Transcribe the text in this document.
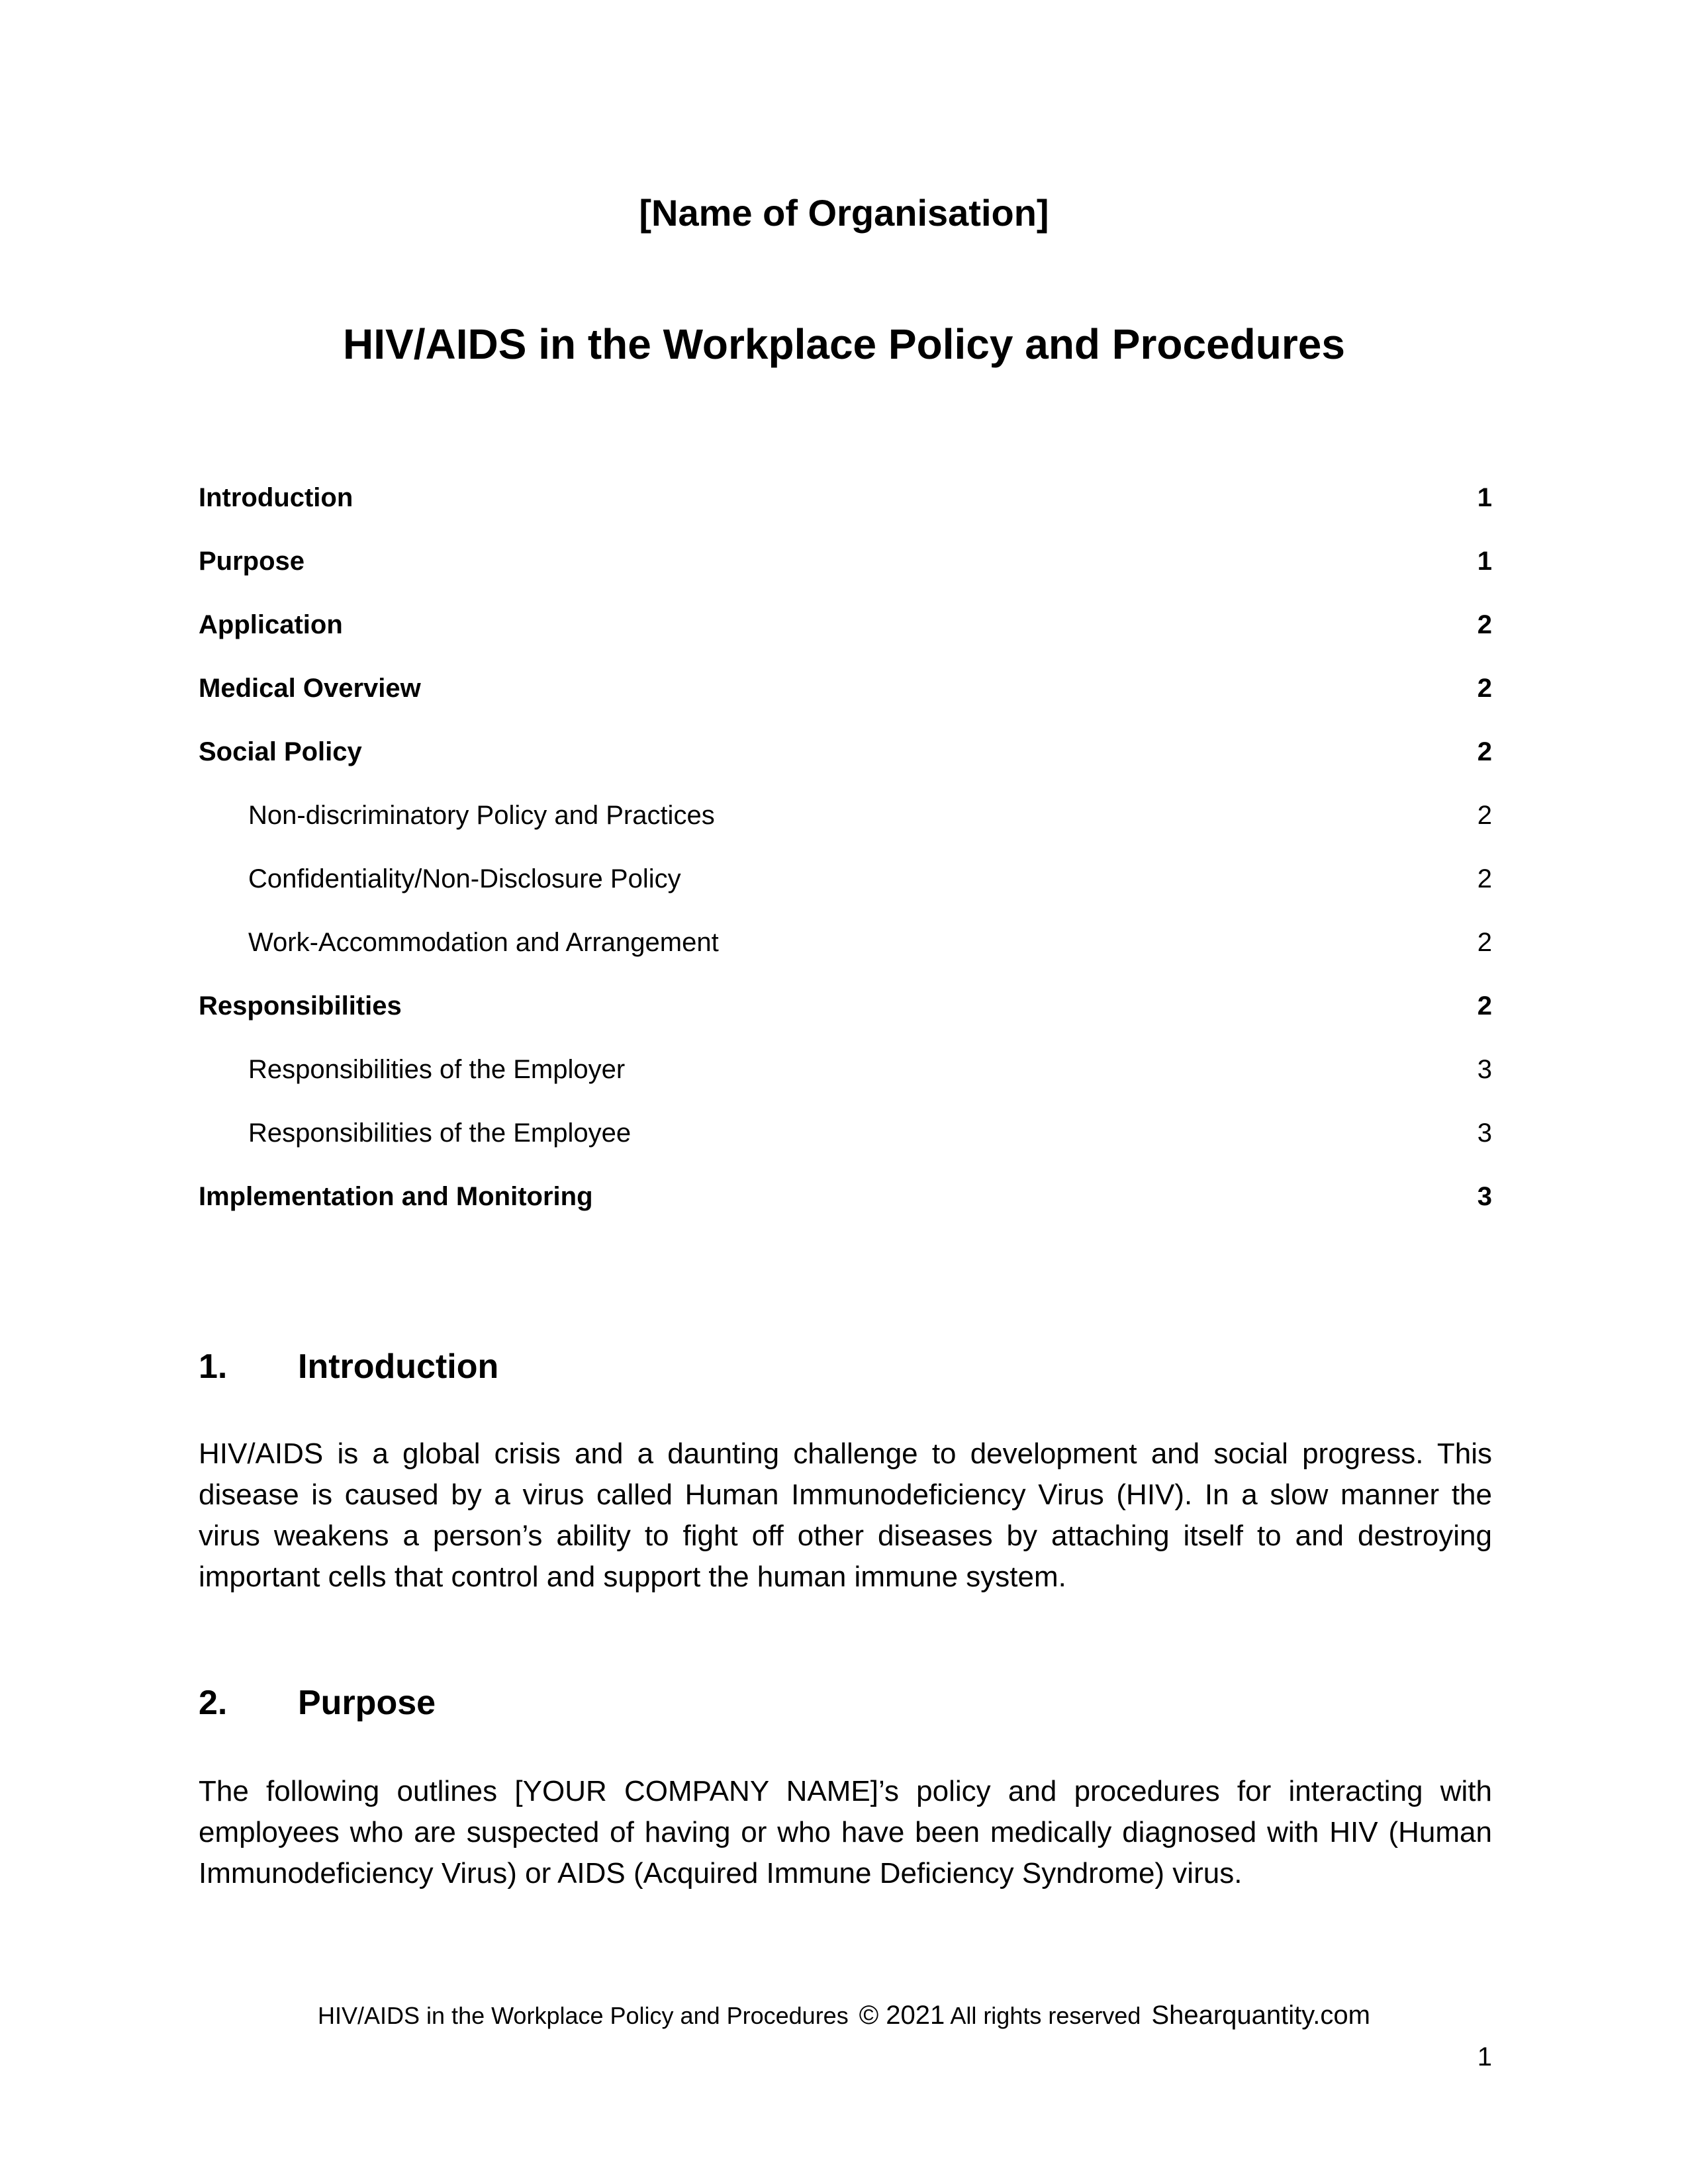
[Name of Organisation]
HIV/AIDS in the Workplace Policy and Procedures
Introduction	1
Purpose	1
Application	2
Medical Overview	2
Social Policy	2
Non-discriminatory Policy and Practices	2
Confidentiality/Non-Disclosure Policy	2
Work-Accommodation and Arrangement	2
Responsibilities	2
Responsibilities of the Employer	3
Responsibilities of the Employee	3
Implementation and Monitoring	3
1. Introduction

HIV/AIDS is a global crisis and a daunting challenge to development and social progress. This disease is caused by a virus called Human Immunodeficiency Virus (HIV). In a slow manner the virus weakens a person’s ability to fight off other diseases by attaching itself to and destroying important cells that control and support the human immune system.

2. Purpose

The following outlines [YOUR COMPANY NAME]’s policy and procedures for interacting with employees who are suspected of having or who have been medically diagnosed with HIV (Human Immunodeficiency Virus) or AIDS (Acquired Immune Deficiency Syndrome) virus.

HIV/AIDS in the Workplace Policy and Procedures © 2021 All rights reserved Shearquantity.com
1
